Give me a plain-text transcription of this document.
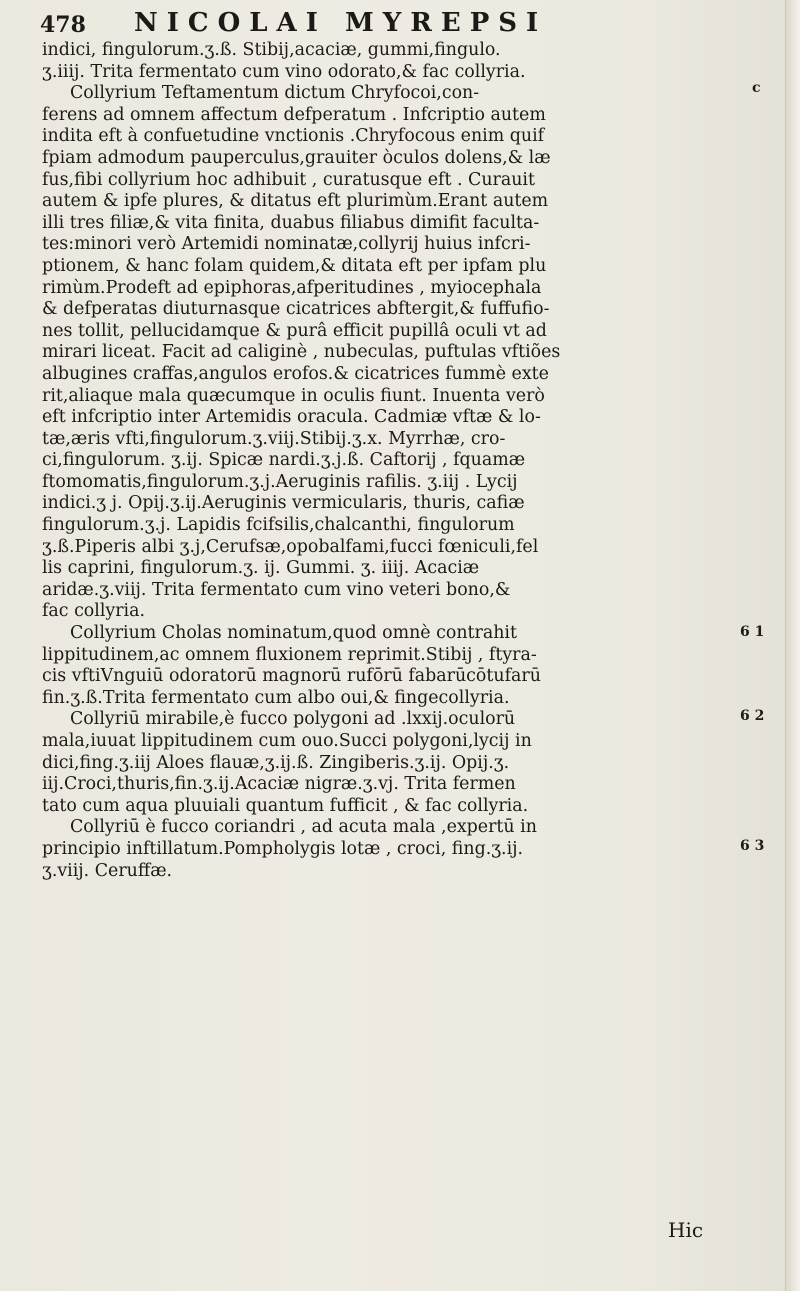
478 NICOLAI MYREPSI
indici, fingulorum.ʒ.ß. Stibij,acaciæ, gummi,fingulo.
ʒ.iiij. Trita fermentato cum vino odorato,& fac collyria.
Collyrium Teftamentum dictum Chryfocoi,con-
ferens ad omnem affectum defperatum . Infcriptio autem
indita eft à confuetudine vnctionis .Chryfocous enim quif
fpiam admodum pauperculus,grauiter òculos dolens,& læ
fus,fibi collyrium hoc adhibuit , curatusque eft . Curauit
autem & ipfe plures, & ditatus eft plurimùm.Erant autem
illi tres filiæ,& vita finita, duabus filiabus dimifit faculta-
tes:minori verò Artemidi nominatæ,collyrij huius infcri-
ptionem, & hanc folam quidem,& ditata eft per ipfam plu
rimùm.Prodeft ad epiphoras,afperitudines , myiocephala
& defperatas diuturnasque cicatrices abftergit,& fuffufio-
nes tollit, pellucidamque & purâ efficit pupillâ oculi vt ad
mirari liceat. Facit ad caliginè , nubeculas, puftulas vftiões
albugines craffas,angulos erofos.& cicatrices fummè exte
rit,aliaque mala quæcumque in oculis fiunt. Inuenta verò
eft infcriptio inter Artemidis oracula. Cadmiæ vftæ & lo-
tæ,æris vfti,fingulorum.ʒ.viij.Stibij.ʒ.x. Myrrhæ, cro-
ci,fingulorum. ʒ.ij. Spicæ nardi.ʒ.j.ß. Caftorij , fquamæ
ftomomatis,fingulorum.ʒ.j.Aeruginis rafilis. ʒ.iij . Lycij
indici.ʒ j. Opij.ʒ.ij.Aeruginis vermicularis, thuris, cafiæ
fingulorum.ʒ.j. Lapidis fcifsilis,chalcanthi, fingulorum
ʒ.ß.Piperis albi ʒ.j,Cerufsæ,opobalfami,fucci fœniculi,fel
lis caprini, fingulorum.ʒ. ij. Gummi. ʒ. iiij. Acaciæ
aridæ.ʒ.viij. Trita fermentato cum vino veteri bono,&
fac collyria.
Collyrium Cholas nominatum,quod omnè contrahit
lippitudinem,ac omnem fluxionem reprimit.Stibij , ftyra-
cis vftiVnguiū odoratorū magnorū rufōrū fabarūcōtufarū
fin.ʒ.ß.Trita fermentato cum albo oui,& fingecollyria.
Collyriū mirabile,è fucco polygoni ad .lxxij.oculorū
mala,iuuat lippitudinem cum ouo.Succi polygoni,lycij in
dici,fing.ʒ.iij Aloes flauæ,ʒ.ij.ß. Zingiberis.ʒ.ij. Opij.ʒ.
iij.Croci,thuris,fin.ʒ.ij.Acaciæ nigræ.ʒ.vj. Trita fermen
tato cum aqua pluuiali quantum fufficit , & fac collyria.
Collyriū è fucco coriandri , ad acuta mala ,expertū in
principio inftillatum.Pompholygis lotæ , croci, fing.ʒ.ij.
ʒ.viij. Ceruffæ.
c
6 1
6 2
6 3
Hic
